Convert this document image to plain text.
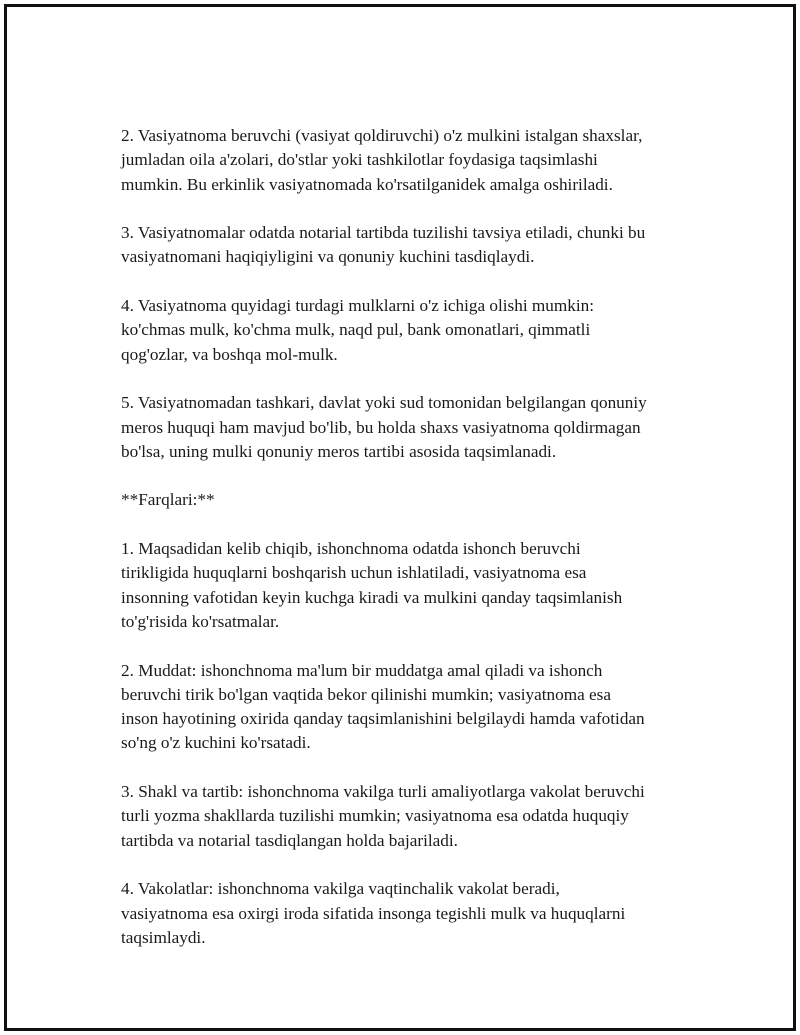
2. Vasiyatnoma beruvchi (vasiyat qoldiruvchi) o'z mulkini istalgan shaxslar,
jumladan oila a'zolari, do'stlar yoki tashkilotlar foydasiga taqsimlashi
mumkin. Bu erkinlik vasiyatnomada ko'rsatilganidek amalga oshiriladi.

3. Vasiyatnomalar odatda notarial tartibda tuzilishi tavsiya etiladi, chunki bu
vasiyatnomani haqiqiyligini va qonuniy kuchini tasdiqlaydi.

4. Vasiyatnoma quyidagi turdagi mulklarni o'z ichiga olishi mumkin:
ko'chmas mulk, ko'chma mulk, naqd pul, bank omonatlari, qimmatli
qog'ozlar, va boshqa mol-mulk.

5. Vasiyatnomadan tashkari, davlat yoki sud tomonidan belgilangan qonuniy
meros huquqi ham mavjud bo'lib, bu holda shaxs vasiyatnoma qoldirmagan
bo'lsa, uning mulki qonuniy meros tartibi asosida taqsimlanadi.

**Farqlari:**

1. Maqsadidan kelib chiqib, ishonchnoma odatda ishonch beruvchi
tirikligida huquqlarni boshqarish uchun ishlatiladi, vasiyatnoma esa
insonning vafotidan keyin kuchga kiradi va mulkini qanday taqsimlanish
to'g'risida ko'rsatmalar.

2. Muddat: ishonchnoma ma'lum bir muddatga amal qiladi va ishonch
beruvchi tirik bo'lgan vaqtida bekor qilinishi mumkin; vasiyatnoma esa
inson hayotining oxirida qanday taqsimlanishini belgilaydi hamda vafotidan
so'ng o'z kuchini ko'rsatadi.

3. Shakl va tartib: ishonchnoma vakilga turli amaliyotlarga vakolat beruvchi
turli yozma shakllarda tuzilishi mumkin; vasiyatnoma esa odatda huquqiy
tartibda va notarial tasdiqlangan holda bajariladi.

4. Vakolatlar: ishonchnoma vakilga vaqtinchalik vakolat beradi,
vasiyatnoma esa oxirgi iroda sifatida insonga tegishli mulk va huquqlarni
taqsimlaydi.
